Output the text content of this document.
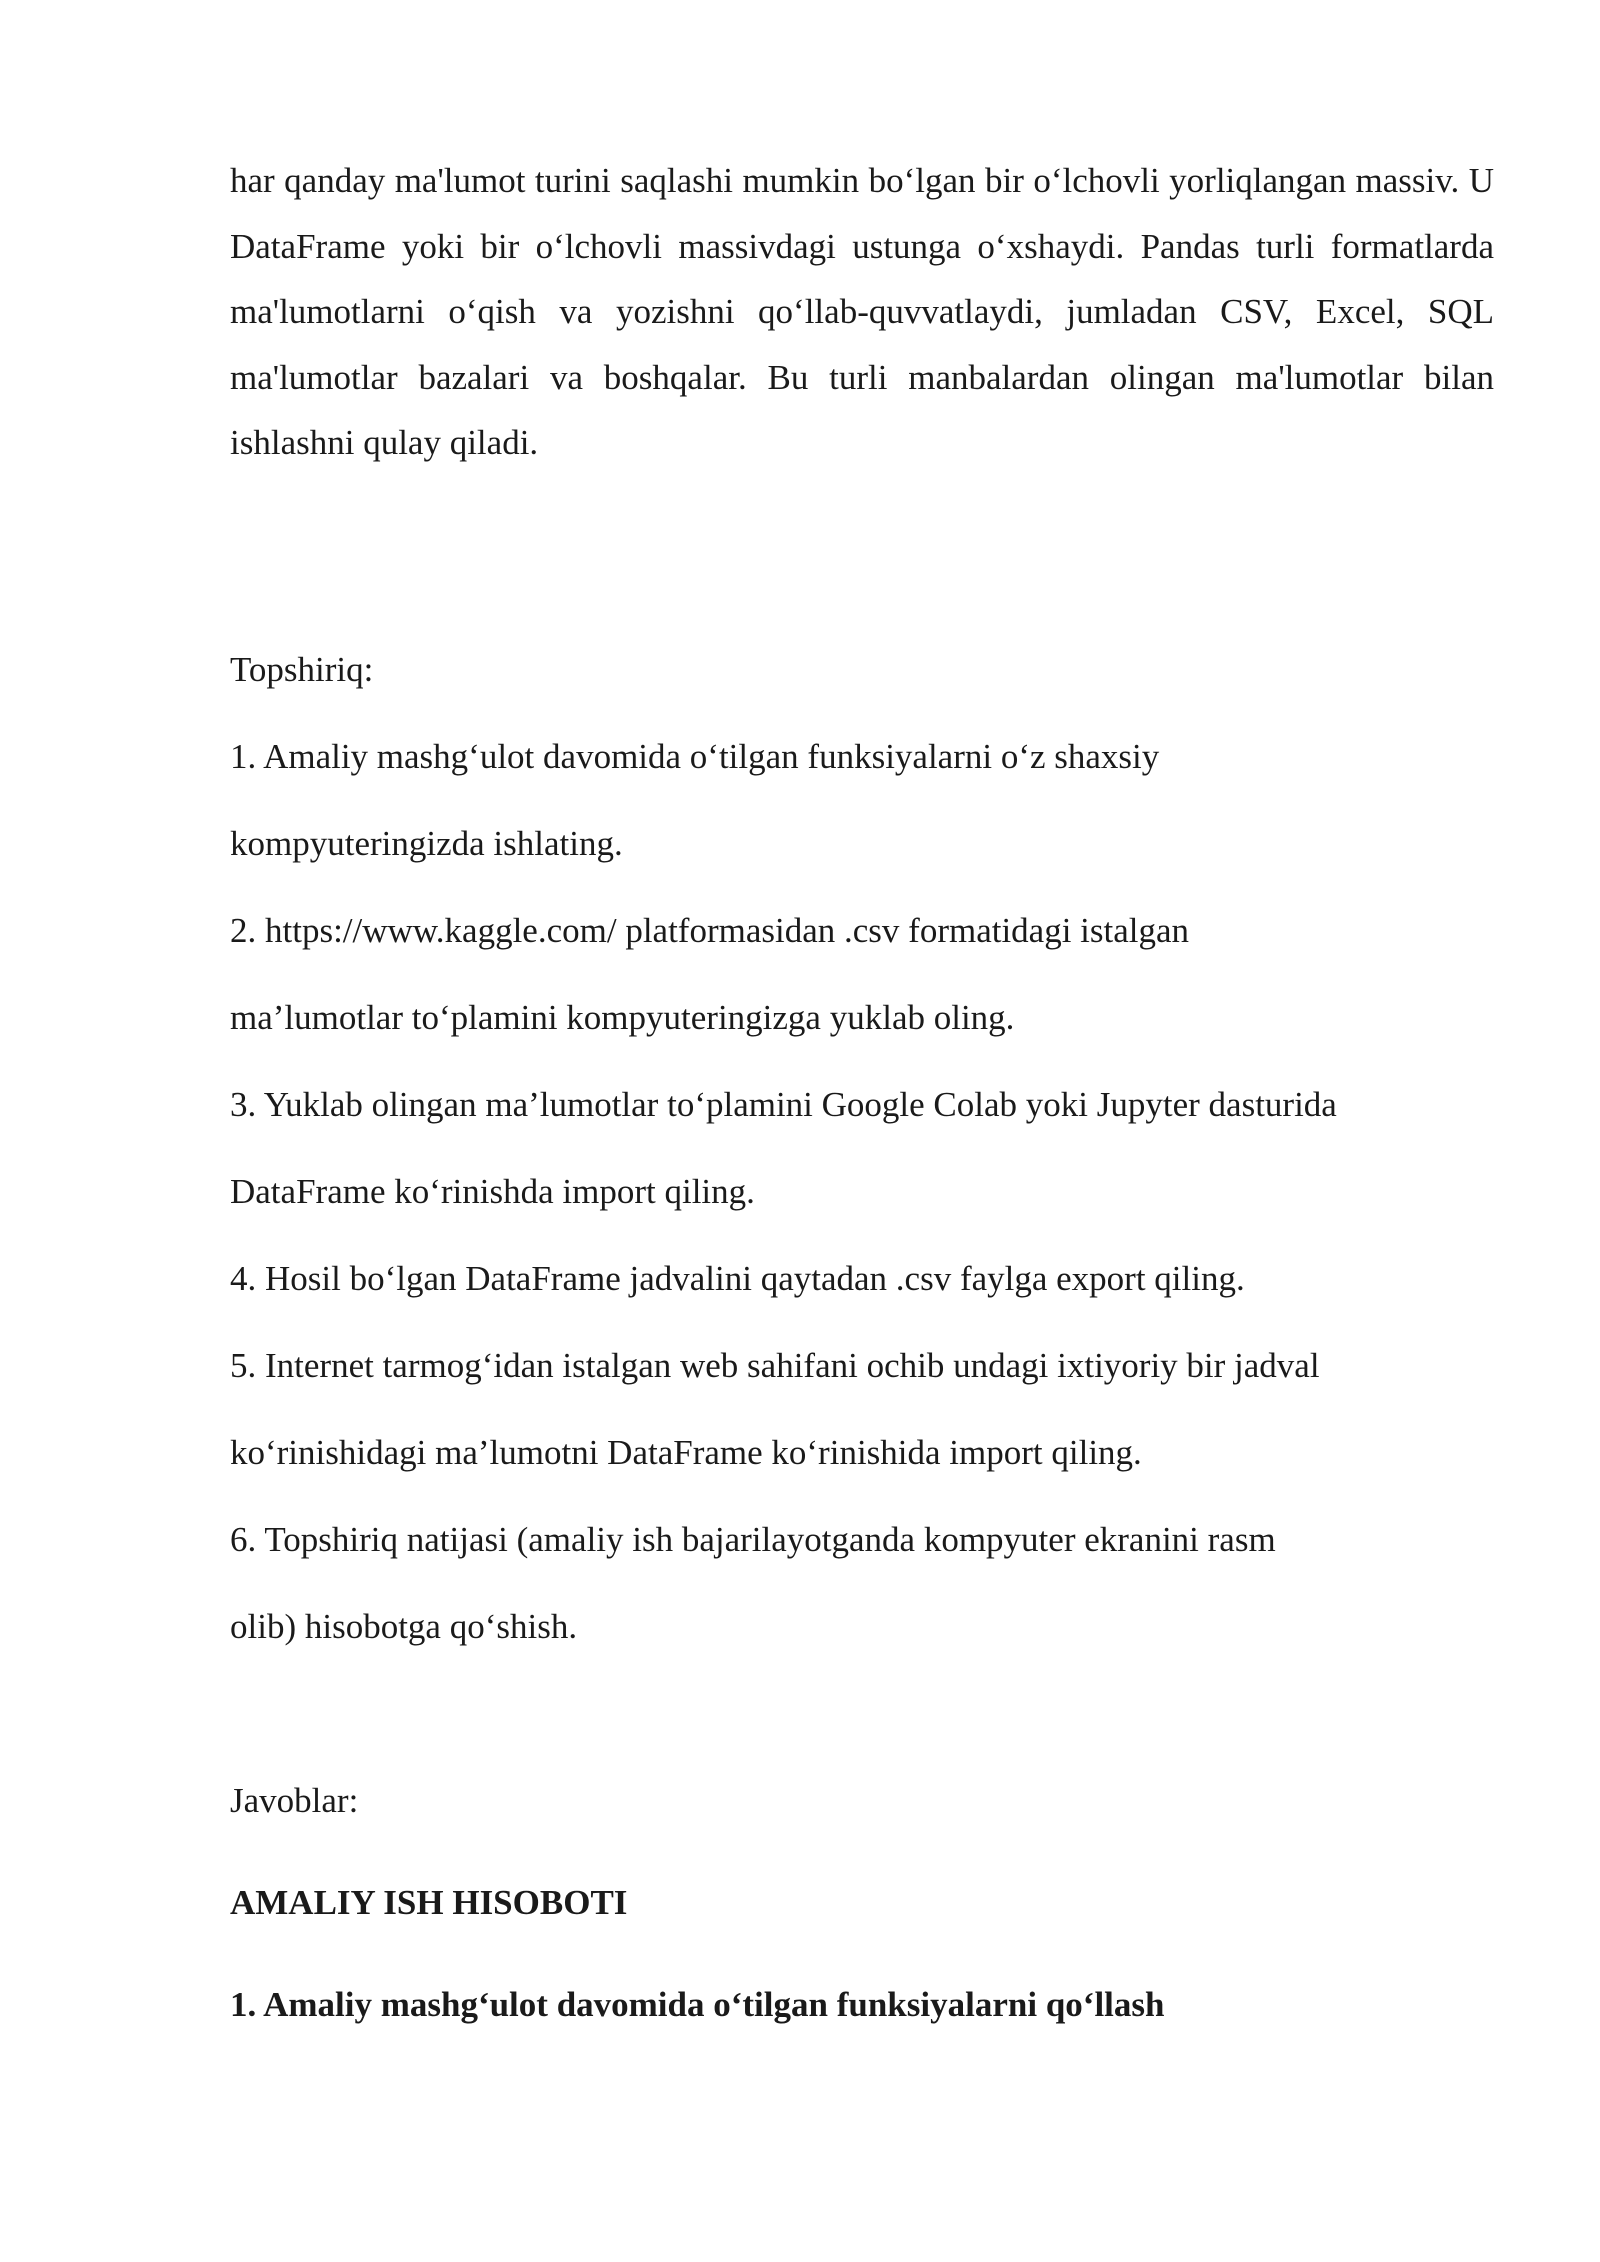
har qanday ma'lumot turini saqlashi mumkin bo‘lgan bir o‘lchovli yorliqlangan massiv. U DataFrame yoki bir o‘lchovli massivdagi ustunga o‘xshaydi. Pandas turli formatlarda ma'lumotlarni o‘qish va yozishni qo‘llab-quvvatlaydi, jumladan CSV, Excel, SQL ma'lumotlar bazalari va boshqalar. Bu turli manbalardan olingan ma'lumotlar bilan ishlashni qulay qiladi.

Topshiriq:

1. Amaliy mashg‘ulot davomida o‘tilgan funksiyalarni o‘z shaxsiy

kompyuteringizda ishlating.

2. https://www.kaggle.com/ platformasidan .csv formatidagi istalgan

ma’lumotlar to‘plamini kompyuteringizga yuklab oling.

3. Yuklab olingan ma’lumotlar to‘plamini Google Colab yoki Jupyter dasturida

DataFrame ko‘rinishda import qiling.

4. Hosil bo‘lgan DataFrame jadvalini qaytadan .csv faylga export qiling.

5. Internet tarmog‘idan istalgan web sahifani ochib undagi ixtiyoriy bir jadval

ko‘rinishidagi ma’lumotni DataFrame ko‘rinishida import qiling.

6. Topshiriq natijasi (amaliy ish bajarilayotganda kompyuter ekranini rasm

olib) hisobotga qo‘shish.

Javoblar:

AMALIY ISH HISOBOTI

1. Amaliy mashg‘ulot davomida o‘tilgan funksiyalarni qo‘llash
